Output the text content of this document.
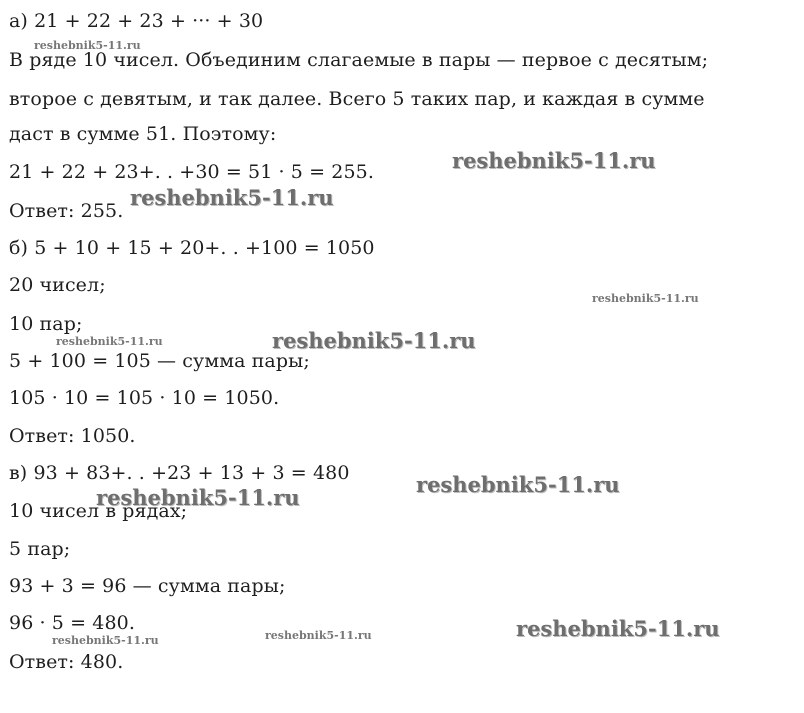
а) 21 + 22 + 23 + ··· + 30
В ряде 10 чисел. Объединим слагаемые в пары — первое с десятым;
второе с девятым, и так далее. Всего 5 таких пар, и каждая в сумме
даст в сумме 51. Поэтому:
21 + 22 + 23+. . +30 = 51 · 5 = 255.
Ответ: 255.
б) 5 + 10 + 15 + 20+. . +100 = 1050
20 чисел;
10 пар;
5 + 100 = 105 — сумма пары;
105 · 10 = 105 · 10 = 1050.
Ответ: 1050.
в) 93 + 83+. . +23 + 13 + 3 = 480
10 чисел в рядах;
5 пар;
93 + 3 = 96 — сумма пары;
96 · 5 = 480.
Ответ: 480.
reshebnik5-11.ru
reshebnik5-11.ru
reshebnik5-11.ru
reshebnik5-11.ru
reshebnik5-11.ru	reshebnik5-11.ru
reshebnik5-11.ru
reshebnik5-11.ru
reshebnik5-11.ru
reshebnik5-11.ru
reshebnik5-11.ru
